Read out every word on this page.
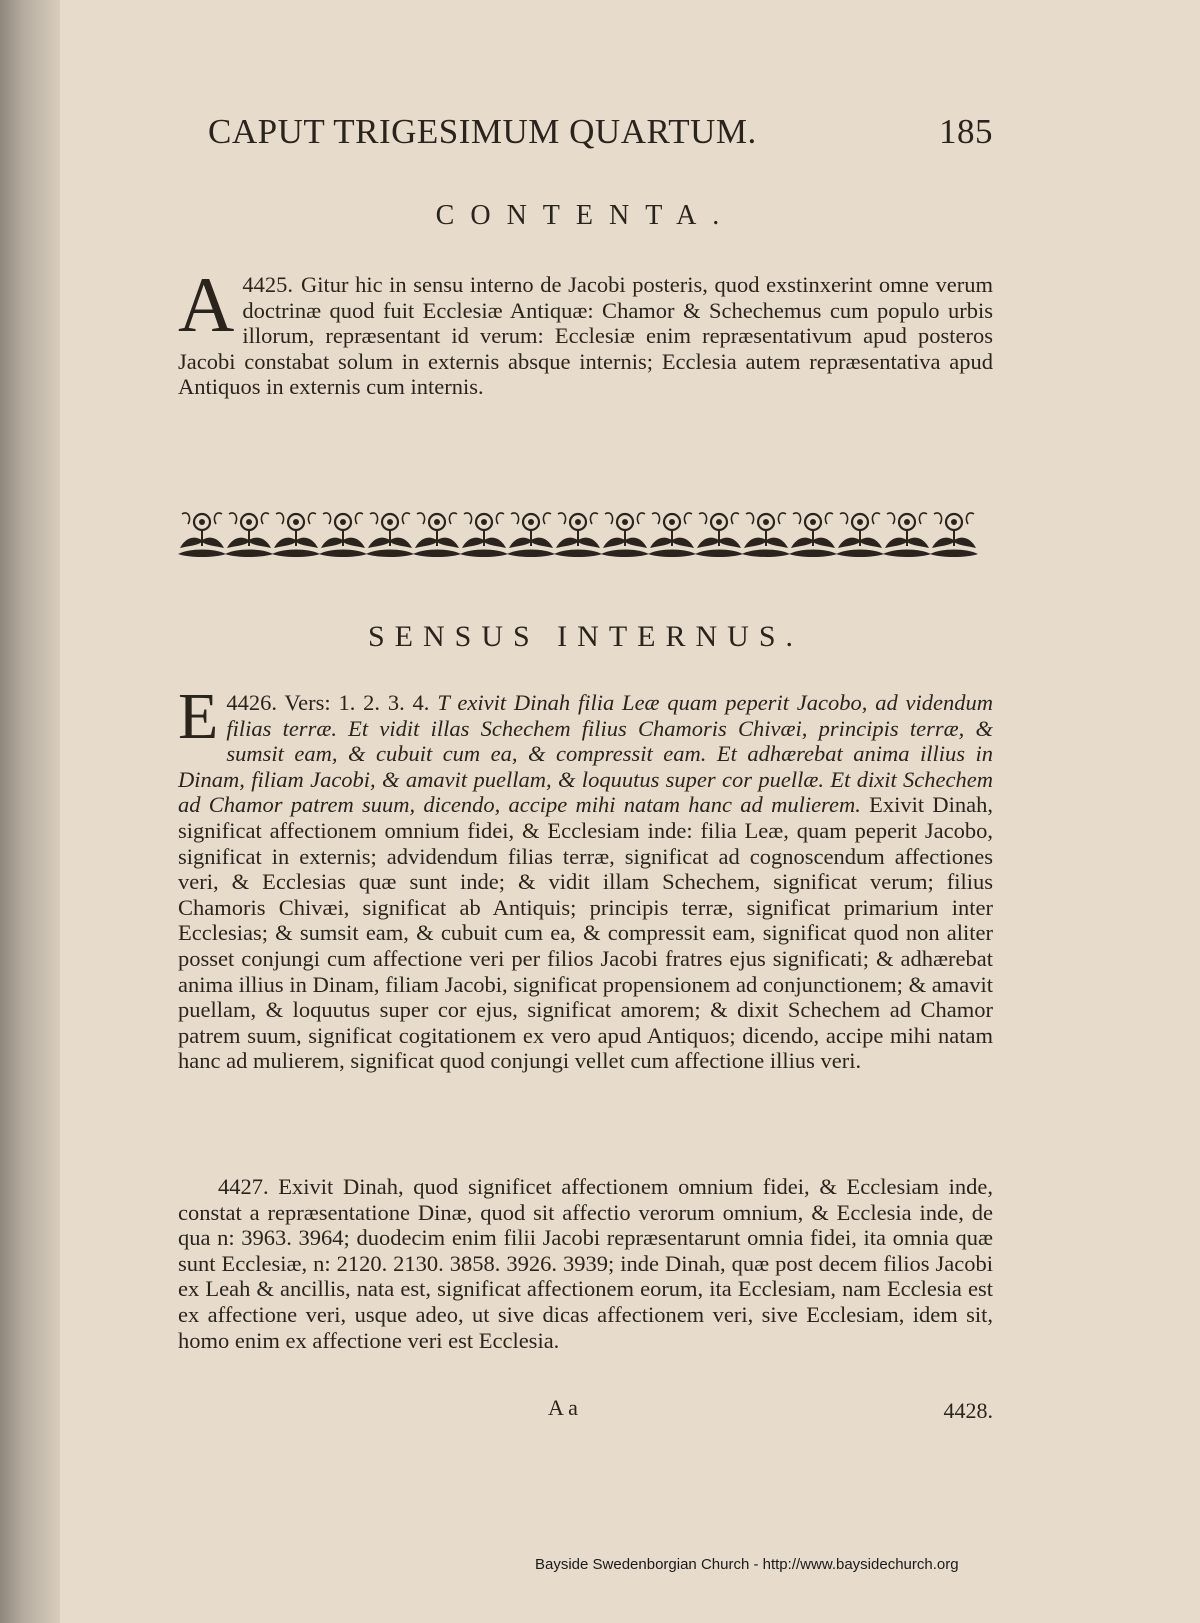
CAPUT TRIGESIMUM QUARTUM.	185
CONTENTA.
4425.
A	Gitur hic in sensu interno de Jacobi posteris, quod exstinxerint omne verum doctrinæ quod fuit Ecclesiæ Antiquæ: Chamor & Schechemus cum populo urbis illorum, repræsentant id verum: Ecclesiæ enim repræsentativum apud posteros Jacobi constabat solum in externis absque internis; Ecclesia autem repræsentativa apud Antiquos in externis cum internis.
SENSUS INTERNUS.
4426. Vers: 1. 2. 3. 4.
E	T exivit Dinah filia Leæ quam peperit Jacobo, ad videndum filias terræ. Et vidit illas Schechem filius Chamoris Chivæi, principis terræ, & sumsit eam, & cubuit cum ea, & compressit eam. Et adhærebat anima illius in Dinam, filiam Jacobi, & amavit puellam, & loquutus super cor puellæ. Et dixit Schechem ad Chamor patrem suum, dicendo, accipe mihi natam hanc ad mulierem. Exivit Dinah, significat affectionem omnium fidei, & Ecclesiam inde: filia Leæ, quam peperit Jacobo, significat in externis; advidendum filias terræ, significat ad cognoscendum affectiones veri, & Ecclesias quæ sunt inde; & vidit illam Schechem, significat verum; filius Chamoris Chivæi, significat ab Antiquis; principis terræ, significat primarium inter Ecclesias; & sumsit eam, & cubuit cum ea, & compressit eam, significat quod non aliter posset conjungi cum affectione veri per filios Jacobi fratres ejus significati; & adhærebat anima illius in Dinam, filiam Jacobi, significat propensionem ad conjunctionem; & amavit puellam, & loquutus super cor ejus, significat amorem; & dixit Schechem ad Chamor patrem suum, significat cogitationem ex vero apud Antiquos; dicendo, accipe mihi natam hanc ad mulierem, significat quod conjungi vellet cum affectione illius veri.
4427. Exivit Dinah, quod significet affectionem omnium fidei, & Ecclesiam inde, constat a repræsentatione Dinæ, quod sit affectio verorum omnium, & Ecclesia inde, de qua n: 3963. 3964; duodecim enim filii Jacobi repræsentarunt omnia fidei, ita omnia quæ sunt Ecclesiæ, n: 2120. 2130. 3858. 3926. 3939; inde Dinah, quæ post decem filios Jacobi ex Leah & ancillis, nata est, significat affectionem eorum, ita Ecclesiam, nam Ecclesia est ex affectione veri, usque adeo, ut sive dicas affectionem veri, sive Ecclesiam, idem sit, homo enim ex affectione veri est Ecclesia.
A a	4428.
Bayside Swedenborgian Church - http://www.baysidechurch.org
